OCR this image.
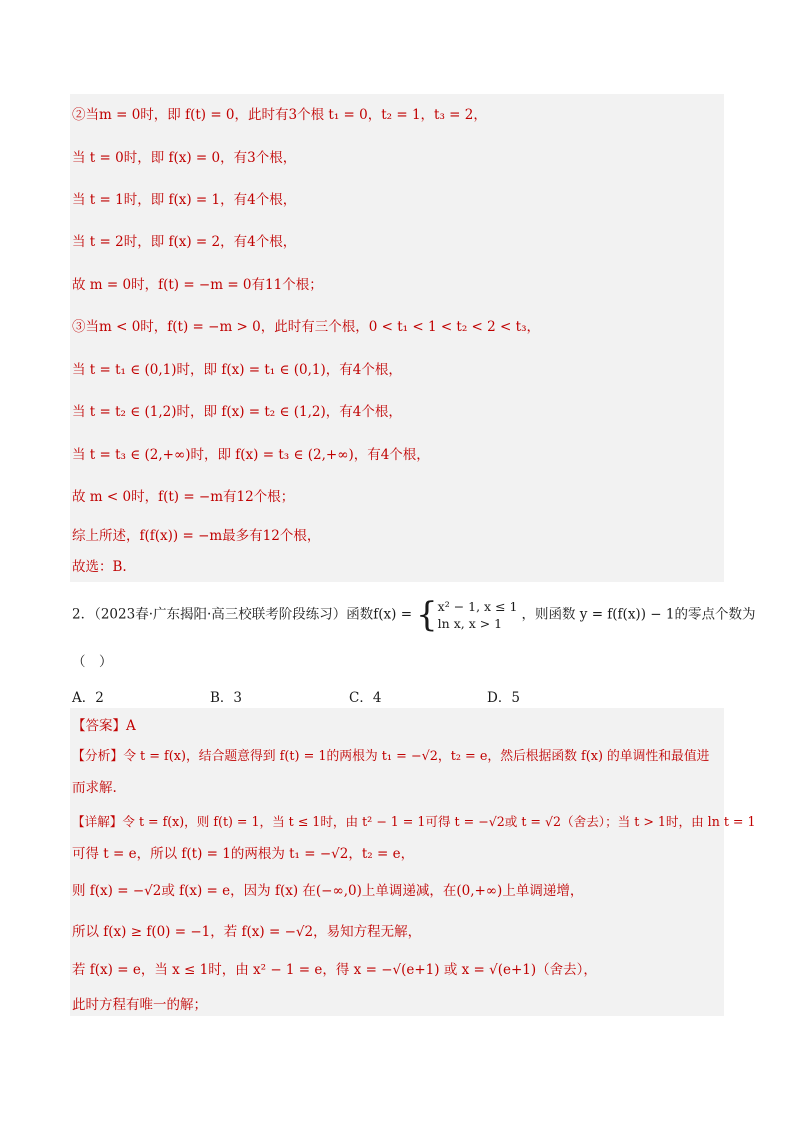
②当m = 0时，即 f(t) = 0，此时有3个根 t₁ = 0，t₂ = 1，t₃ = 2，
当 t = 0时，即 f(x) = 0，有3个根，
当 t = 1时，即 f(x) = 1，有4个根，
当 t = 2时，即 f(x) = 2，有4个根，
故 m = 0时，f(t) = −m = 0有11个根；
③当m < 0时，f(t) = −m > 0，此时有三个根，0 < t₁ < 1 < t₂ < 2 < t₃，
当 t = t₁ ∈ (0,1)时，即 f(x) = t₁ ∈ (0,1)，有4个根，
当 t = t₂ ∈ (1,2)时，即 f(x) = t₂ ∈ (1,2)，有4个根，
当 t = t₃ ∈ (2,+∞)时，即 f(x) = t₃ ∈ (2,+∞)，有4个根，
故 m < 0时，f(t) = −m有12个根；
综上所述，f(f(x)) = −m最多有12个根，
故选：B.
2．（2023春·广东揭阳·高三校联考阶段练习）函数f(x) = {x² − 1, x ≤ 1
ln x, x > 1，则函数 y = f(f(x)) − 1的零点个数为
（　）
A．2	B．3	C．4	D．5
【答案】A
【分析】令 t = f(x)，结合题意得到 f(t) = 1的两根为 t₁ = −√2，t₂ = e，然后根据函数 f(x) 的单调性和最值进
而求解.
【详解】令 t = f(x)，则 f(t) = 1，当 t ≤ 1时，由 t² − 1 = 1可得 t = −√2或 t = √2（舍去）；当 t > 1时，由 ln t = 1
可得 t = e，所以 f(t) = 1的两根为 t₁ = −√2，t₂ = e，
则 f(x) = −√2或 f(x) = e，因为 f(x) 在(−∞,0)上单调递减，在(0,+∞)上单调递增，
所以 f(x) ≥ f(0) = −1，若 f(x) = −√2，易知方程无解，
若 f(x) = e，当 x ≤ 1时，由 x² − 1 = e，得 x = −√(e+1) 或 x = √(e+1)（舍去），
此时方程有唯一的解；
